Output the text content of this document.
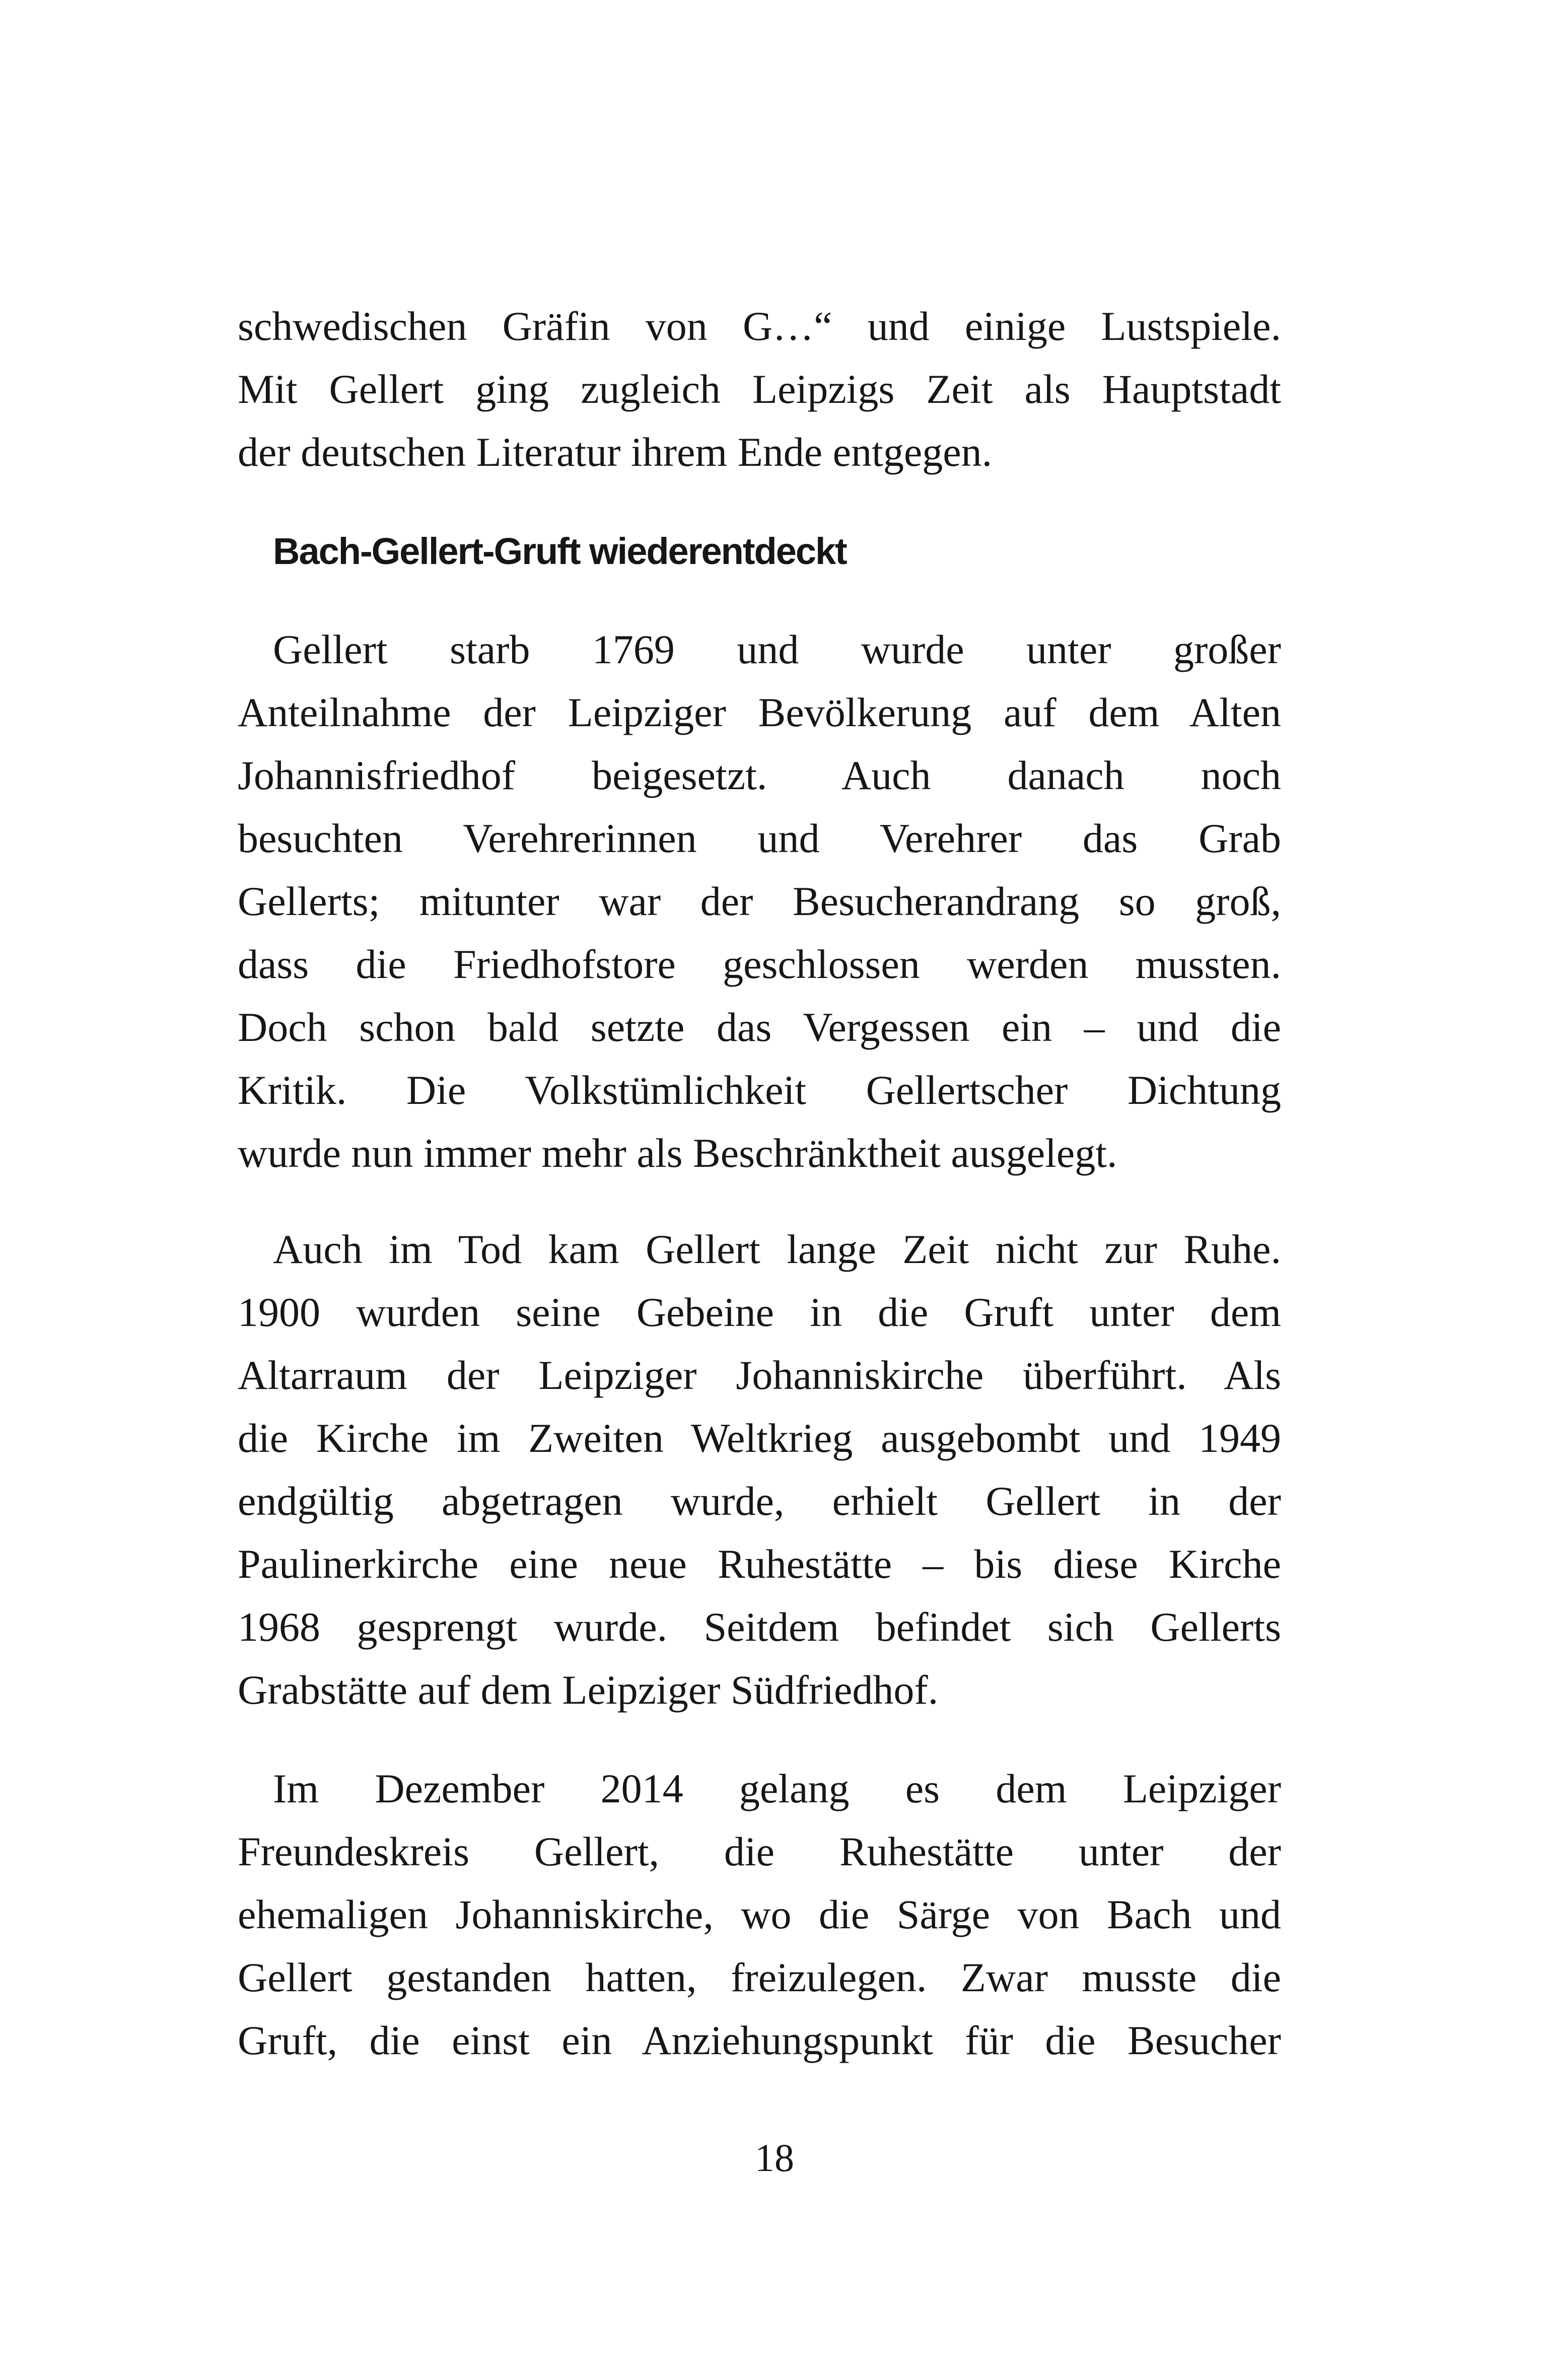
schwedischen Gräfin von G…“ und einige Lustspiele.
Mit Gellert ging zugleich Leipzigs Zeit als Hauptstadt
der deutschen Literatur ihrem Ende entgegen.

Bach-Gellert-Gruft wiederentdeckt

Gellert starb 1769 und wurde unter großer
Anteilnahme der Leipziger Bevölkerung auf dem Alten
Johannisfriedhof beigesetzt. Auch danach noch
besuchten Verehrerinnen und Verehrer das Grab
Gellerts; mitunter war der Besucherandrang so groß,
dass die Friedhofstore geschlossen werden mussten.
Doch schon bald setzte das Vergessen ein – und die
Kritik. Die Volkstümlichkeit Gellertscher Dichtung
wurde nun immer mehr als Beschränktheit ausgelegt.

Auch im Tod kam Gellert lange Zeit nicht zur Ruhe.
1900 wurden seine Gebeine in die Gruft unter dem
Altarraum der Leipziger Johanniskirche überführt. Als
die Kirche im Zweiten Weltkrieg ausgebombt und 1949
endgültig abgetragen wurde, erhielt Gellert in der
Paulinerkirche eine neue Ruhestätte – bis diese Kirche
1968 gesprengt wurde. Seitdem befindet sich Gellerts
Grabstätte auf dem Leipziger Südfriedhof.

Im Dezember 2014 gelang es dem Leipziger
Freundeskreis Gellert, die Ruhestätte unter der
ehemaligen Johanniskirche, wo die Särge von Bach und
Gellert gestanden hatten, freizulegen. Zwar musste die
Gruft, die einst ein Anziehungspunkt für die Besucher

18
